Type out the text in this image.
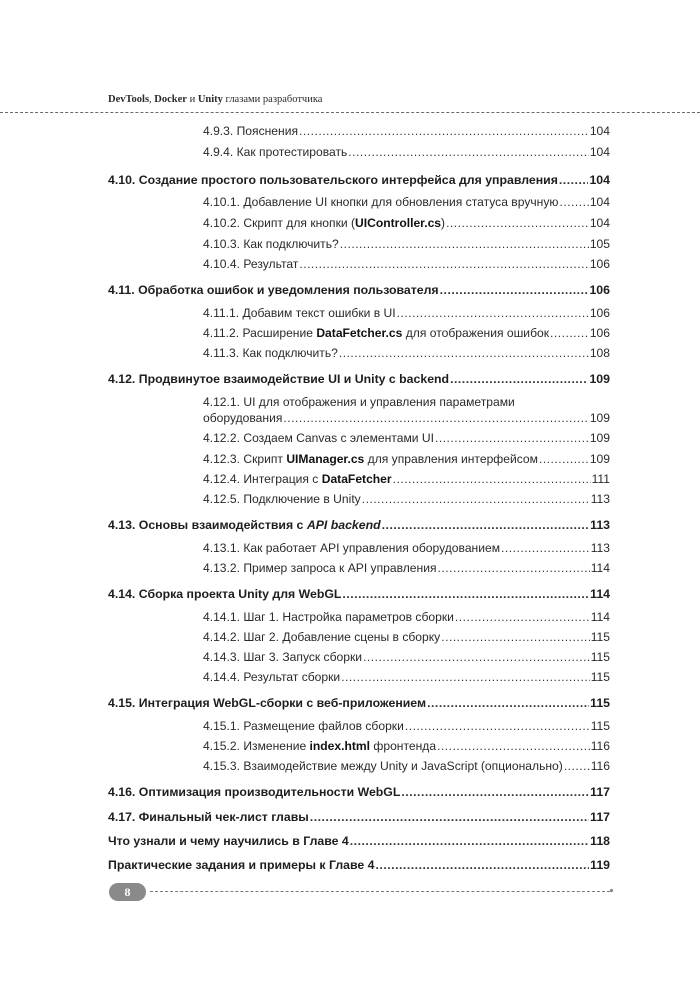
DevTools, Docker и Unity глазами разработчика
4.9.3. Пояснения .....	104
4.9.4. Как протестировать .....	104
4.10. Создание простого пользовательского интерфейса для управления .....	104
4.10.1. Добавление UI кнопки для обновления статуса вручную .....	104
4.10.2. Скрипт для кнопки (UIController.cs) .....	104
4.10.3. Как подключить? .....	105
4.10.4. Результат .....	106
4.11. Обработка ошибок и уведомления пользователя .....	106
4.11.1. Добавим текст ошибки в UI .....	106
4.11.2. Расширение DataFetcher.cs для отображения ошибок .....	106
4.11.3. Как подключить? .....	108
4.12. Продвинутое взаимодействие UI и Unity с backend .....	109
4.12.1. UI для отображения и управления параметрами
оборудования .....	109
4.12.2. Создаем Canvas с элементами UI .....	109
4.12.3. Скрипт UIManager.cs для управления интерфейсом .....	109
4.12.4. Интеграция с DataFetcher .....	111
4.12.5. Подключение в Unity .....	113
4.13. Основы взаимодействия с API backend .....	113
4.13.1. Как работает API управления оборудованием .....	113
4.13.2. Пример запроса к API управления .....	114
4.14. Сборка проекта Unity для WebGL .....	114
4.14.1. Шаг 1. Настройка параметров сборки .....	114
4.14.2. Шаг 2. Добавление сцены в сборку .....	115
4.14.3. Шаг 3. Запуск сборки .....	115
4.14.4. Результат сборки .....	115
4.15. Интеграция WebGL-сборки с веб-приложением .....	115
4.15.1. Размещение файлов сборки .....	115
4.15.2. Изменение index.html фронтенда .....	116
4.15.3. Взаимодействие между Unity и JavaScript (опционально) ..... 116
4.16. Оптимизация производительности WebGL .....	117
4.17. Финальный чек-лист главы .....	117
Что узнали и чему научились в Главе 4 .....	118
Практические задания и примеры к Главе 4 .....	119
8
